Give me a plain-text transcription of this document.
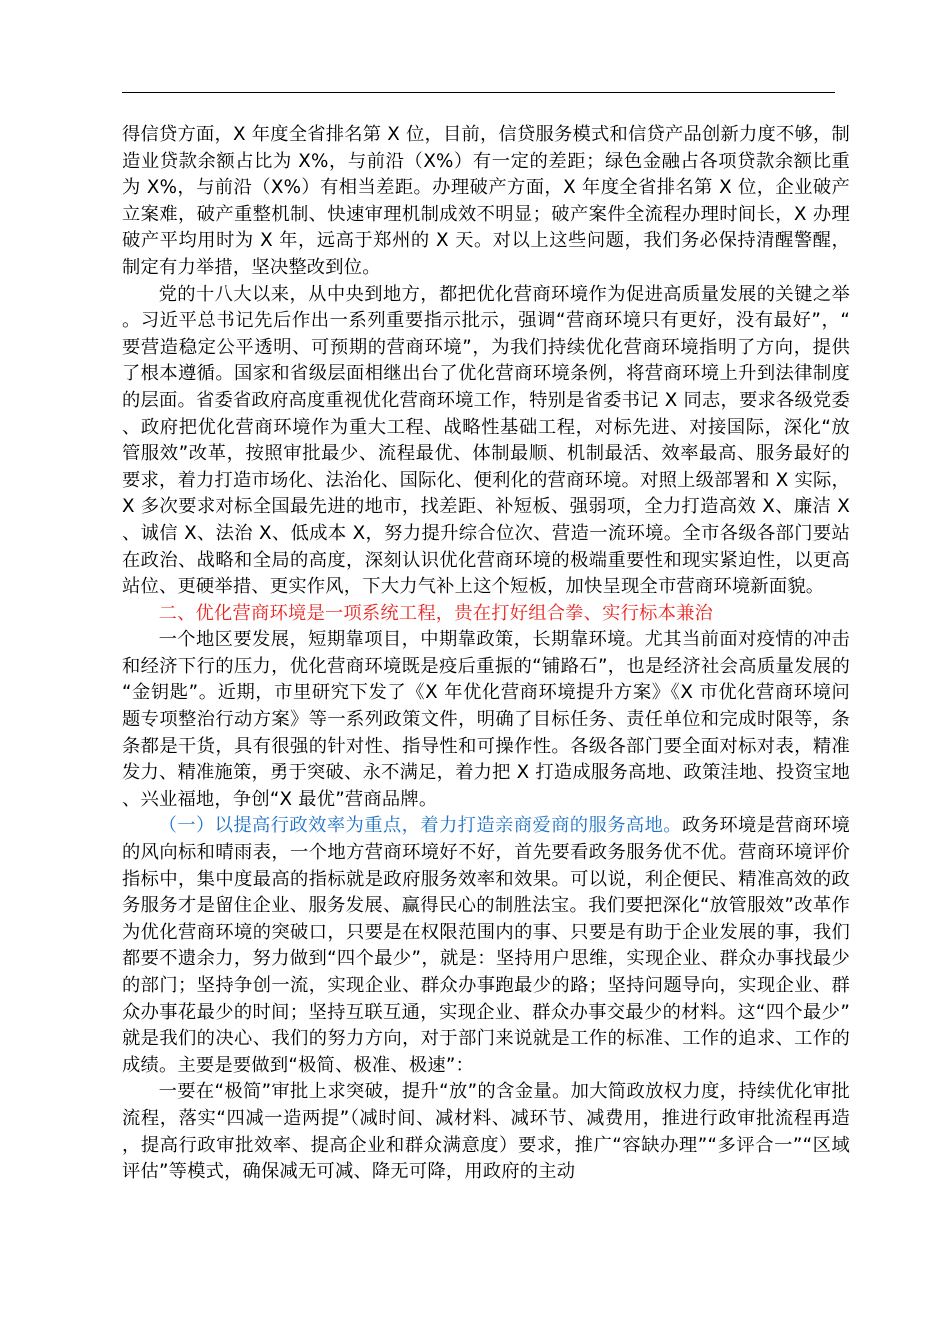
得信贷方面，X 年度全省排名第 X 位，目前，信贷服务模式和信贷产品创新力度不够，制造业贷款余额占比为 X%，与前沿（X%）有一定的差距；绿色金融占各项贷款余额比重为 X%，与前沿（X%）有相当差距。办理破产方面，X 年度全省排名第 X 位，企业破产立案难，破产重整机制、快速审理机制成效不明显；破产案件全流程办理时间长，X 办理破产平均用时为 X 年，远高于郑州的 X 天。对以上这些问题，我们务必保持清醒警醒，制定有力举措，坚决整改到位。

党的十八大以来，从中央到地方，都把优化营商环境作为促进高质量发展的关键之举。习近平总书记先后作出一系列重要指示批示，强调“营商环境只有更好，没有最好”，“要营造稳定公平透明、可预期的营商环境”，为我们持续优化营商环境指明了方向，提供了根本遵循。国家和省级层面相继出台了优化营商环境条例，将营商环境上升到法律制度的层面。省委省政府高度重视优化营商环境工作，特别是省委书记 X 同志，要求各级党委、政府把优化营商环境作为重大工程、战略性基础工程，对标先进、对接国际，深化“放管服效”改革，按照审批最少、流程最优、体制最顺、机制最活、效率最高、服务最好的要求，着力打造市场化、法治化、国际化、便利化的营商环境。对照上级部署和 X 实际，X 多次要求对标全国最先进的地市，找差距、补短板、强弱项，全力打造高效 X、廉洁 X、诚信 X、法治 X、低成本 X，努力提升综合位次、营造一流环境。全市各级各部门要站在政治、战略和全局的高度，深刻认识优化营商环境的极端重要性和现实紧迫性，以更高站位、更硬举措、更实作风，下大力气补上这个短板，加快呈现全市营商环境新面貌。

二、优化营商环境是一项系统工程，贵在打好组合拳、实行标本兼治

一个地区要发展，短期靠项目，中期靠政策，长期靠环境。尤其当前面对疫情的冲击和经济下行的压力，优化营商环境既是疫后重振的“铺路石”，也是经济社会高质量发展的“金钥匙”。近期，市里研究下发了《X 年优化营商环境提升方案》《X 市优化营商环境问题专项整治行动方案》等一系列政策文件，明确了目标任务、责任单位和完成时限等，条条都是干货，具有很强的针对性、指导性和可操作性。各级各部门要全面对标对表，精准发力、精准施策，勇于突破、永不满足，着力把 X 打造成服务高地、政策洼地、投资宝地、兴业福地，争创“X 最优”营商品牌。

（一）以提高行政效率为重点，着力打造亲商爱商的服务高地。政务环境是营商环境的风向标和晴雨表，一个地方营商环境好不好，首先要看政务服务优不优。营商环境评价指标中，集中度最高的指标就是政府服务效率和效果。可以说，利企便民、精准高效的政务服务才是留住企业、服务发展、赢得民心的制胜法宝。我们要把深化“放管服效”改革作为优化营商环境的突破口，只要是在权限范围内的事、只要是有助于企业发展的事，我们都要不遗余力，努力做到“四个最少”，就是：坚持用户思维，实现企业、群众办事找最少的部门；坚持争创一流，实现企业、群众办事跑最少的路；坚持问题导向，实现企业、群众办事花最少的时间；坚持互联互通，实现企业、群众办事交最少的材料。这“四个最少”就是我们的决心、我们的努力方向，对于部门来说就是工作的标准、工作的追求、工作的成绩。主要是要做到“极简、极准、极速”：

一要在“极简”审批上求突破，提升“放”的含金量。加大简政放权力度，持续优化审批流程，落实“四减一造两提”（减时间、减材料、减环节、减费用，推进行政审批流程再造，提高行政审批效率、提高企业和群众满意度）要求，推广“容缺办理”“多评合一”“区域评估”等模式，确保减无可减、降无可降，用政府的主动
